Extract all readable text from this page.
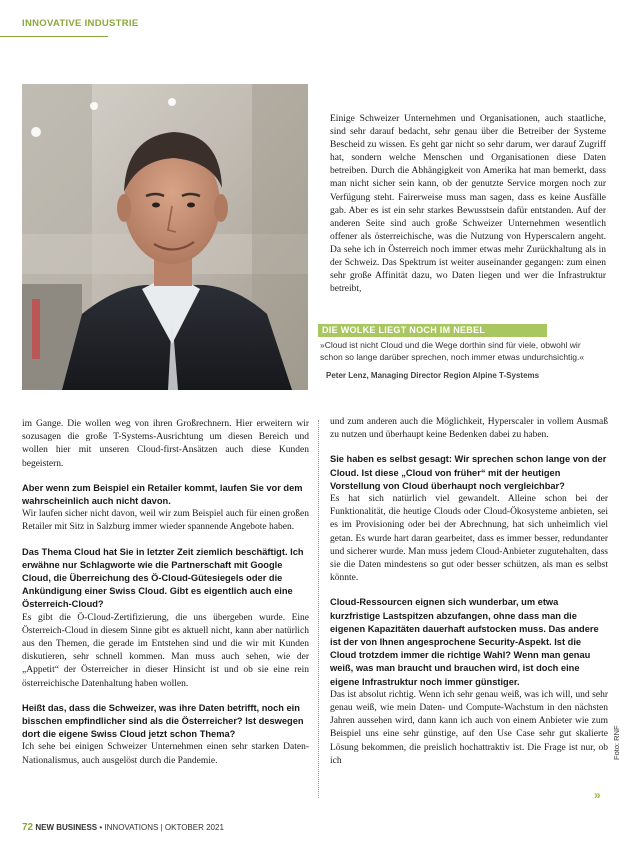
INNOVATIVE INDUSTRIE

Einige Schweizer Unternehmen und Organisationen, auch staatliche, sind sehr darauf bedacht, sehr genau über die Betreiber der Systeme Bescheid zu wissen. Es geht gar nicht so sehr darum, wer darauf Zugriff hat, sondern welche Menschen und Organisationen diese Daten betreiben. Durch die Abhängigkeit von Amerika hat man bemerkt, dass man nicht sicher sein kann, ob der genutzte Service morgen noch zur Verfügung steht. Fairerweise muss man sagen, dass es keine Ausfälle gab. Aber es ist ein sehr starkes Bewusstsein dafür entstanden. Auf der anderen Seite sind auch große Schweizer Unternehmen wesentlich offener als österreichische, was die Nutzung von Hyperscalern angeht. Da sehe ich in Österreich noch immer etwas mehr Zurückhaltung als in der Schweiz. Das Spektrum ist weiter auseinander gegangen: zum einen sehr große Affinität dazu, wo Daten liegen und wer die Infrastruktur betreibt,

DIE WOLKE LIEGT NOCH IM NEBEL
»Cloud ist nicht Cloud und die Wege dorthin sind für viele, obwohl wir schon so lange darüber sprechen, noch immer etwas undurchsichtig.«
Peter Lenz, Managing Director Region Alpine T-Systems

im Gange. Die wollen weg von ihren Großrechnern. Hier erweitern wir sozusagen die große T-Systems-Ausrichtung um diesen Bereich und wollen hier mit unseren Cloud-first-Ansätzen auch diese Kunden begeistern.

Aber wenn zum Beispiel ein Retailer kommt, laufen Sie vor dem wahrscheinlich auch nicht davon.
Wir laufen sicher nicht davon, weil wir zum Beispiel auch für einen großen Retailer mit Sitz in Salzburg immer wieder spannende Angebote haben.

Das Thema Cloud hat Sie in letzter Zeit ziemlich beschäftigt. Ich erwähne nur Schlagworte wie die Partnerschaft mit Google Cloud, die Überreichung des Ö-Cloud-Gütesiegels oder die Ankündigung einer Swiss Cloud. Gibt es eigentlich auch eine Österreich-Cloud?
Es gibt die Ö-Cloud-Zertifizierung, die uns übergeben wurde. Eine Österreich-Cloud in diesem Sinne gibt es aktuell nicht, kann aber natürlich aus den Themen, die gerade im Entstehen sind und die wir mit Kunden diskutieren, sehr schnell kommen. Man muss auch sehen, wie der „Appetit“ der Österreicher in dieser Hinsicht ist und ob sie eine rein österreichische Datenhaltung haben wollen.

Heißt das, dass die Schweizer, was ihre Daten betrifft, noch ein bisschen empfindlicher sind als die Österreicher? Ist deswegen dort die eigene Swiss Cloud jetzt schon Thema?
Ich sehe bei einigen Schweizer Unternehmen einen sehr starken Daten-Nationalismus, auch ausgelöst durch die Pandemie.

und zum anderen auch die Möglichkeit, Hyperscaler in vollem Ausmaß zu nutzen und überhaupt keine Bedenken dabei zu haben.

Sie haben es selbst gesagt: Wir sprechen schon lange von der Cloud. Ist diese „Cloud von früher“ mit der heutigen Vorstellung von Cloud überhaupt noch vergleichbar?
Es hat sich natürlich viel gewandelt. Alleine schon bei der Funktionalität, die heutige Clouds oder Cloud-Ökosysteme anbieten, sei es im Provisioning oder bei der Abrechnung, hat sich unheimlich viel getan. Es wurde hart daran gearbeitet, dass es immer besser, redundanter und sicherer wurde. Man muss jedem Cloud-Anbieter zugutehalten, dass sie die Daten mindestens so gut oder besser schützen, als man es selbst könnte.

Cloud-Ressourcen eignen sich wunderbar, um etwa kurzfristige Lastspitzen abzufangen, ohne dass man die eigenen Kapazitäten dauerhaft aufstocken muss. Das andere ist der von Ihnen angesprochene Security-Aspekt. Ist die Cloud trotzdem immer die richtige Wahl? Wenn man genau weiß, was man braucht und brauchen wird, ist doch eine eigene Infrastruktur noch immer günstiger.
Das ist absolut richtig. Wenn ich sehr genau weiß, was ich will, und sehr genau weiß, wie mein Daten- und Compute-Wachstum in den nächsten Jahren aussehen wird, dann kann ich auch von einem Anbieter wie zum Beispiel uns eine sehr günstige, auf den Use Case sehr gut skalierte Lösung bekommen, die preislich hochattraktiv ist. Die Frage ist nur, ob ich

»
Foto: RNF
72 NEW BUSINESS • INNOVATIONS | OKTOBER 2021
